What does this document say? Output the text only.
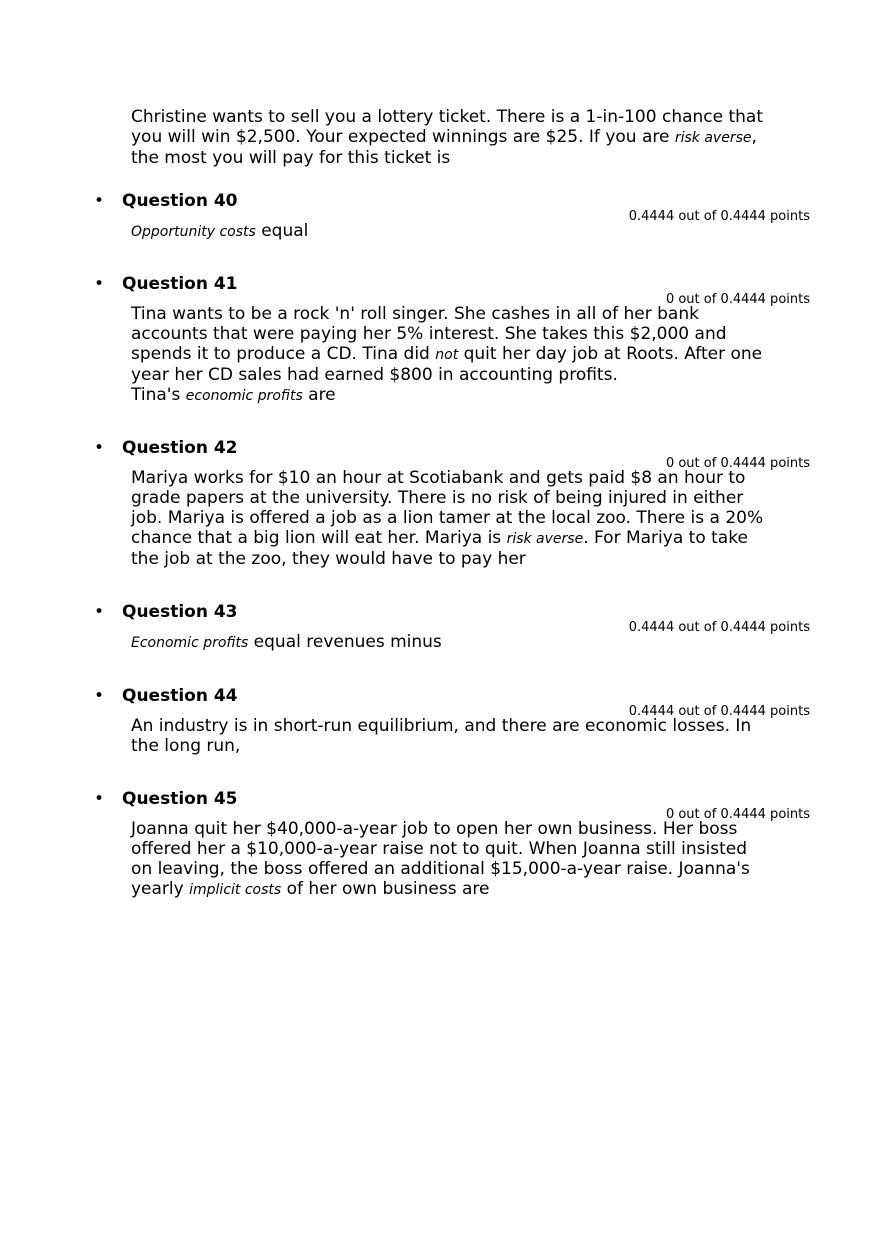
Christine wants to sell you a lottery ticket. There is a 1-in-100 chance that you will win $2,500. Your expected winnings are $25. If you are risk averse, the most you will pay for this ticket is
• Question 40
0.4444 out of 0.4444 points
Opportunity costs equal
• Question 41
0 out of 0.4444 points
Tina wants to be a rock 'n' roll singer. She cashes in all of her bank accounts that were paying her 5% interest. She takes this $2,000 and spends it to produce a CD. Tina did not quit her day job at Roots. After one year her CD sales had earned $800 in accounting profits.
Tina's economic profits are
• Question 42
0 out of 0.4444 points
Mariya works for $10 an hour at Scotiabank and gets paid $8 an hour to grade papers at the university. There is no risk of being injured in either job. Mariya is offered a job as a lion tamer at the local zoo. There is a 20% chance that a big lion will eat her. Mariya is risk averse. For Mariya to take the job at the zoo, they would have to pay her
• Question 43
0.4444 out of 0.4444 points
Economic profits equal revenues minus
• Question 44
0.4444 out of 0.4444 points
An industry is in short-run equilibrium, and there are economic losses. In the long run,
• Question 45
0 out of 0.4444 points
Joanna quit her $40,000-a-year job to open her own business. Her boss offered her a $10,000-a-year raise not to quit. When Joanna still insisted on leaving, the boss offered an additional $15,000-a-year raise. Joanna's yearly implicit costs of her own business are
